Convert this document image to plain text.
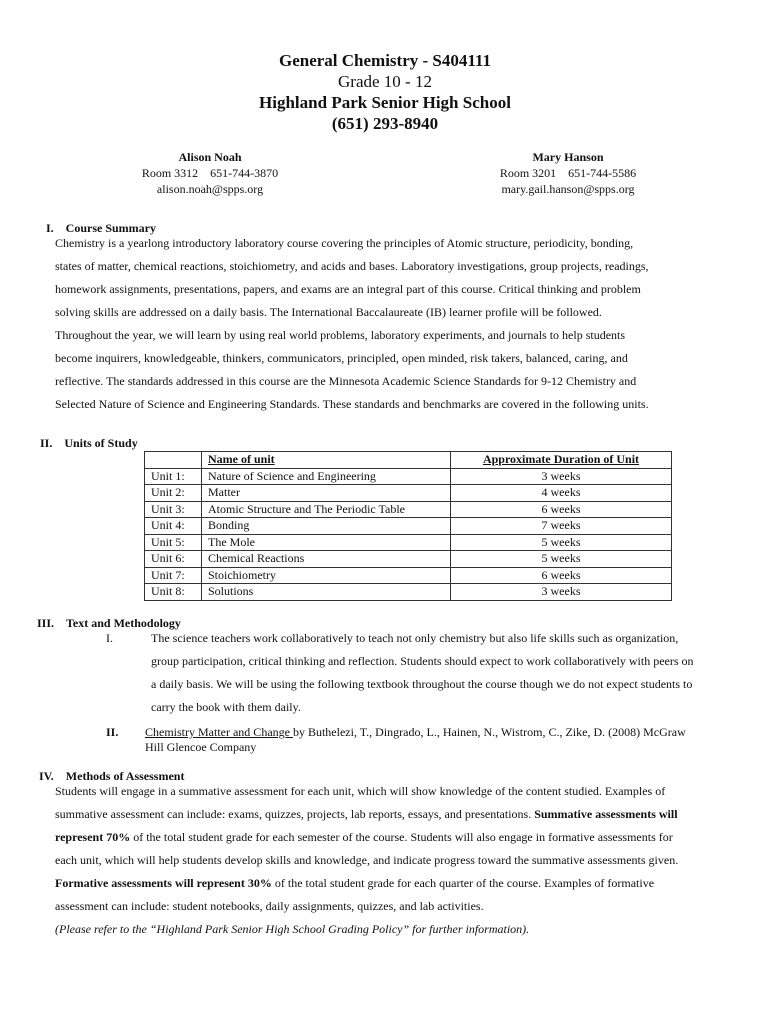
General Chemistry - S404111
Grade 10 - 12
Highland Park Senior High School
(651) 293-8940
Alison Noah
Room 3312 651-744-3870
alison.noah@spps.org
Mary Hanson
Room 3201 651-744-5586
mary.gail.hanson@spps.org
I. Course Summary
Chemistry is a yearlong introductory laboratory course covering the principles of Atomic structure, periodicity, bonding,
states of matter, chemical reactions, stoichiometry, and acids and bases. Laboratory investigations, group projects, readings,
homework assignments, presentations, papers, and exams are an integral part of this course. Critical thinking and problem
solving skills are addressed on a daily basis. The International Baccalaureate (IB) learner profile will be followed.
Throughout the year, we will learn by using real world problems, laboratory experiments, and journals to help students
become inquirers, knowledgeable, thinkers, communicators, principled, open minded, risk takers, balanced, caring, and
reflective. The standards addressed in this course are the Minnesota Academic Science Standards for 9-12 Chemistry and
Selected Nature of Science and Engineering Standards. These standards and benchmarks are covered in the following units.
II. Units of Study
	Name of unit	Approximate Duration of Unit
Unit 1:	Nature of Science and Engineering	3 weeks
Unit 2:	Matter	4 weeks
Unit 3:	Atomic Structure and The Periodic Table	6 weeks
Unit 4:	Bonding	7 weeks
Unit 5:	The Mole	5 weeks
Unit 6:	Chemical Reactions	5 weeks
Unit 7:	Stoichiometry	6 weeks
Unit 8:	Solutions	3 weeks
III. Text and Methodology
I.	The science teachers work collaboratively to teach not only chemistry but also life skills such as organization,
group participation, critical thinking and reflection. Students should expect to work collaboratively with peers on
a daily basis. We will be using the following textbook throughout the course though we do not expect students to
carry the book with them daily.
II. Chemistry Matter and Change by Buthelezi, T., Dingrado, L., Hainen, N., Wistrom, C., Zike, D. (2008) McGraw
Hill Glencoe Company
IV. Methods of Assessment
Students will engage in a summative assessment for each unit, which will show knowledge of the content studied. Examples of
summative assessment can include: exams, quizzes, projects, lab reports, essays, and presentations. Summative assessments will
represent 70% of the total student grade for each semester of the course. Students will also engage in formative assessments for
each unit, which will help students develop skills and knowledge, and indicate progress toward the summative assessments given.
Formative assessments will represent 30% of the total student grade for each quarter of the course. Examples of formative
assessment can include: student notebooks, daily assignments, quizzes, and lab activities.
(Please refer to the “Highland Park Senior High School Grading Policy” for further information).
